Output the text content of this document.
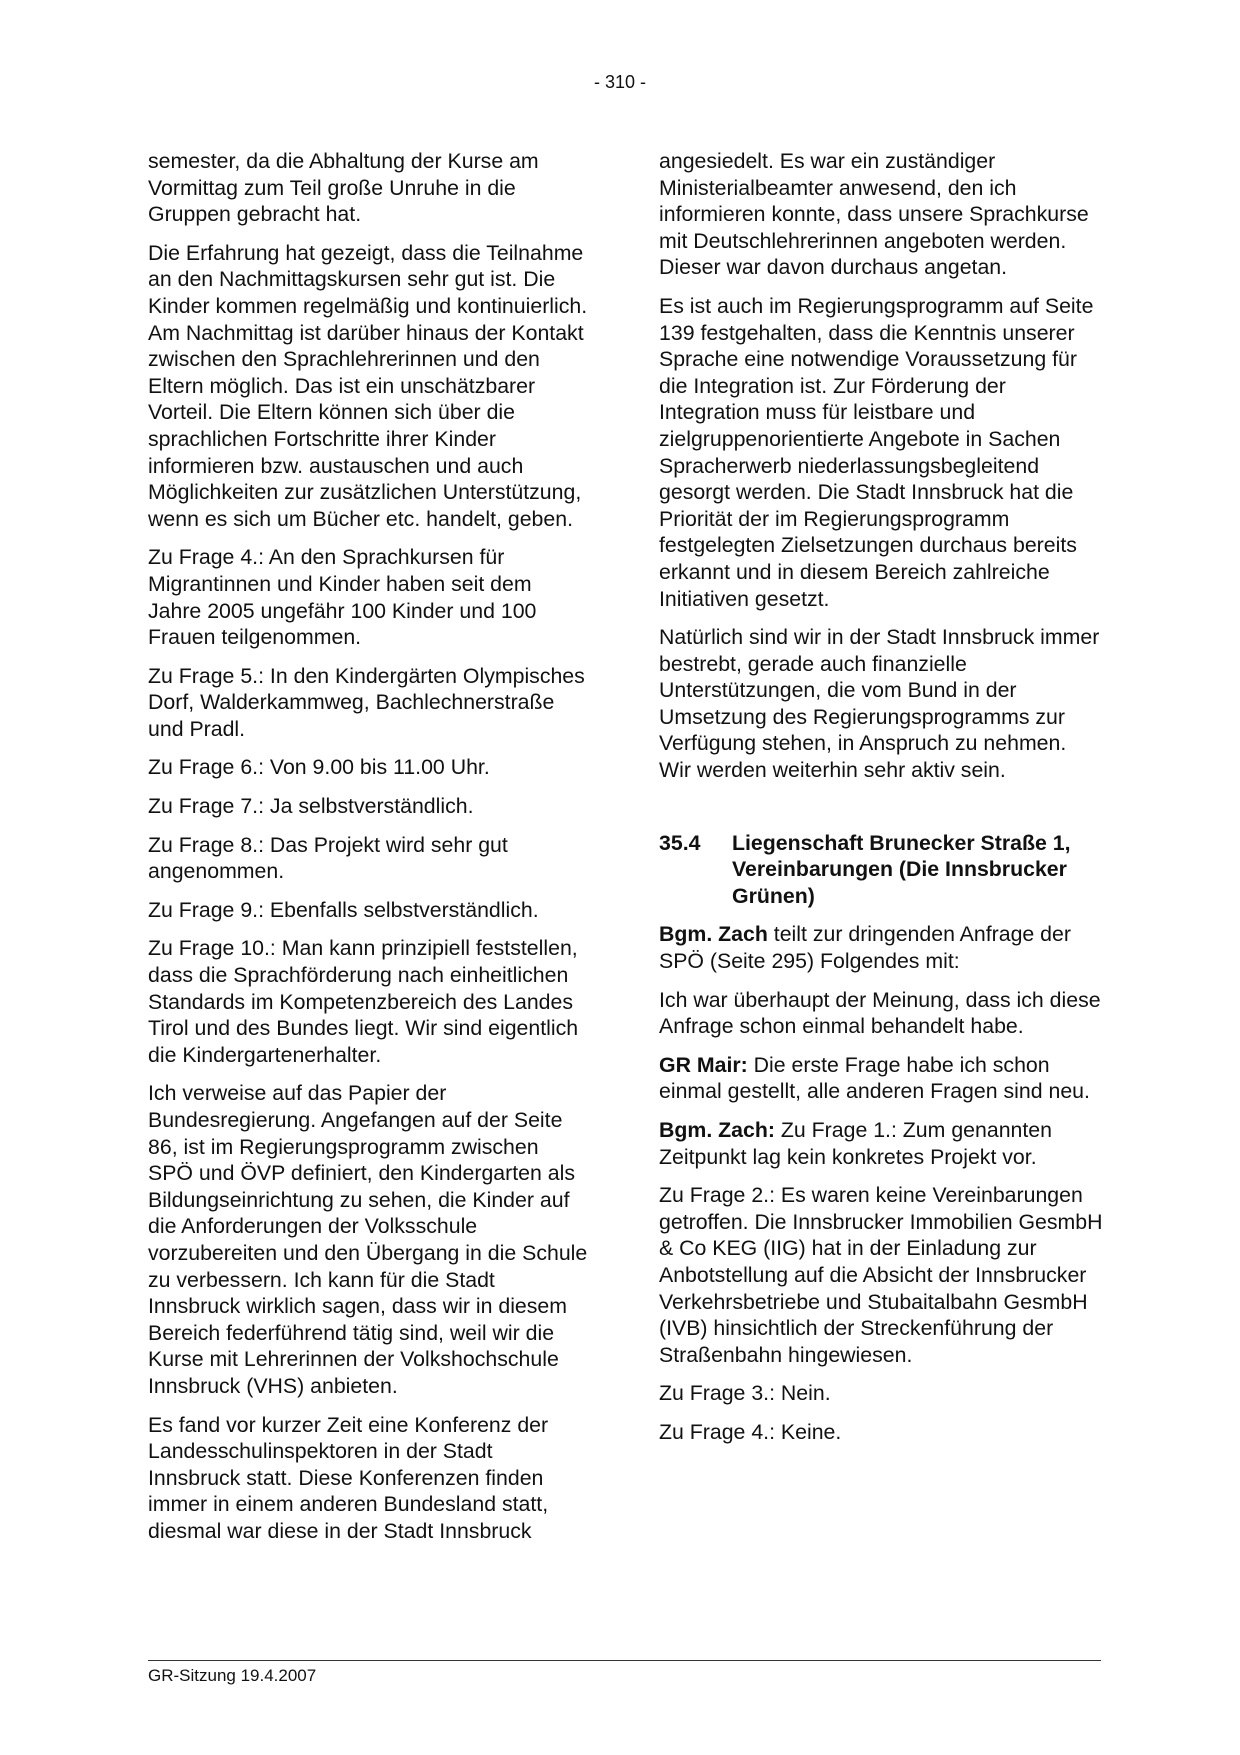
- 310 -

semester, da die Abhaltung der Kurse am Vormittag zum Teil große Unruhe in die Gruppen gebracht hat.

Die Erfahrung hat gezeigt, dass die Teilnahme an den Nachmittagskursen sehr gut ist. Die Kinder kommen regelmäßig und kontinuierlich. Am Nachmittag ist darüber hinaus der Kontakt zwischen den Sprachlehrerinnen und den Eltern möglich. Das ist ein unschätzbarer Vorteil. Die Eltern können sich über die sprachlichen Fortschritte ihrer Kinder informieren bzw. austauschen und auch Möglichkeiten zur zusätzlichen Unterstützung, wenn es sich um Bücher etc. handelt, geben.

Zu Frage 4.: An den Sprachkursen für Migrantinnen und Kinder haben seit dem Jahre 2005 ungefähr 100 Kinder und 100 Frauen teilgenommen.

Zu Frage 5.: In den Kindergärten Olympisches Dorf, Walderkammweg, Bachlechnerstraße und Pradl.

Zu Frage 6.: Von 9.00 bis 11.00 Uhr.

Zu Frage 7.: Ja selbstverständlich.

Zu Frage 8.: Das Projekt wird sehr gut angenommen.

Zu Frage 9.: Ebenfalls selbstverständlich.

Zu Frage 10.: Man kann prinzipiell feststellen, dass die Sprachförderung nach einheitlichen Standards im Kompetenzbereich des Landes Tirol und des Bundes liegt. Wir sind eigentlich die Kindergartenerhalter.

Ich verweise auf das Papier der Bundesregierung. Angefangen auf der Seite 86, ist im Regierungsprogramm zwischen SPÖ und ÖVP definiert, den Kindergarten als Bildungseinrichtung zu sehen, die Kinder auf die Anforderungen der Volksschule vorzubereiten und den Übergang in die Schule zu verbessern. Ich kann für die Stadt Innsbruck wirklich sagen, dass wir in diesem Bereich federführend tätig sind, weil wir die Kurse mit Lehrerinnen der Volkshochschule Innsbruck (VHS) anbieten.

Es fand vor kurzer Zeit eine Konferenz der Landesschulinspektoren in der Stadt Innsbruck statt. Diese Konferenzen finden immer in einem anderen Bundesland statt, diesmal war diese in der Stadt Innsbruck

angesiedelt. Es war ein zuständiger Ministerialbeamter anwesend, den ich informieren konnte, dass unsere Sprachkurse mit Deutschlehrerinnen angeboten werden. Dieser war davon durchaus angetan.

Es ist auch im Regierungsprogramm auf Seite 139 festgehalten, dass die Kenntnis unserer Sprache eine notwendige Voraussetzung für die Integration ist. Zur Förderung der Integration muss für leistbare und zielgruppenorientierte Angebote in Sachen Spracherwerb niederlassungsbegleitend gesorgt werden. Die Stadt Innsbruck hat die Priorität der im Regierungsprogramm festgelegten Zielsetzungen durchaus bereits erkannt und in diesem Bereich zahlreiche Initiativen gesetzt.

Natürlich sind wir in der Stadt Innsbruck immer bestrebt, gerade auch finanzielle Unterstützungen, die vom Bund in der Umsetzung des Regierungsprogramms zur Verfügung stehen, in Anspruch zu nehmen. Wir werden weiterhin sehr aktiv sein.

35.4	Liegenschaft Brunecker Straße 1, Vereinbarungen (Die Innsbrucker Grünen)

Bgm. Zach teilt zur dringenden Anfrage der SPÖ (Seite 295) Folgendes mit:

Ich war überhaupt der Meinung, dass ich diese Anfrage schon einmal behandelt habe.

GR Mair: Die erste Frage habe ich schon einmal gestellt, alle anderen Fragen sind neu.

Bgm. Zach: Zu Frage 1.: Zum genannten Zeitpunkt lag kein konkretes Projekt vor.

Zu Frage 2.: Es waren keine Vereinbarungen getroffen. Die Innsbrucker Immobilien GesmbH & Co KEG (IIG) hat in der Einladung zur Anbotstellung auf die Absicht der Innsbrucker Verkehrsbetriebe und Stubaitalbahn GesmbH (IVB) hinsichtlich der Streckenführung der Straßenbahn hingewiesen.

Zu Frage 3.: Nein.

Zu Frage 4.: Keine.

GR-Sitzung 19.4.2007
